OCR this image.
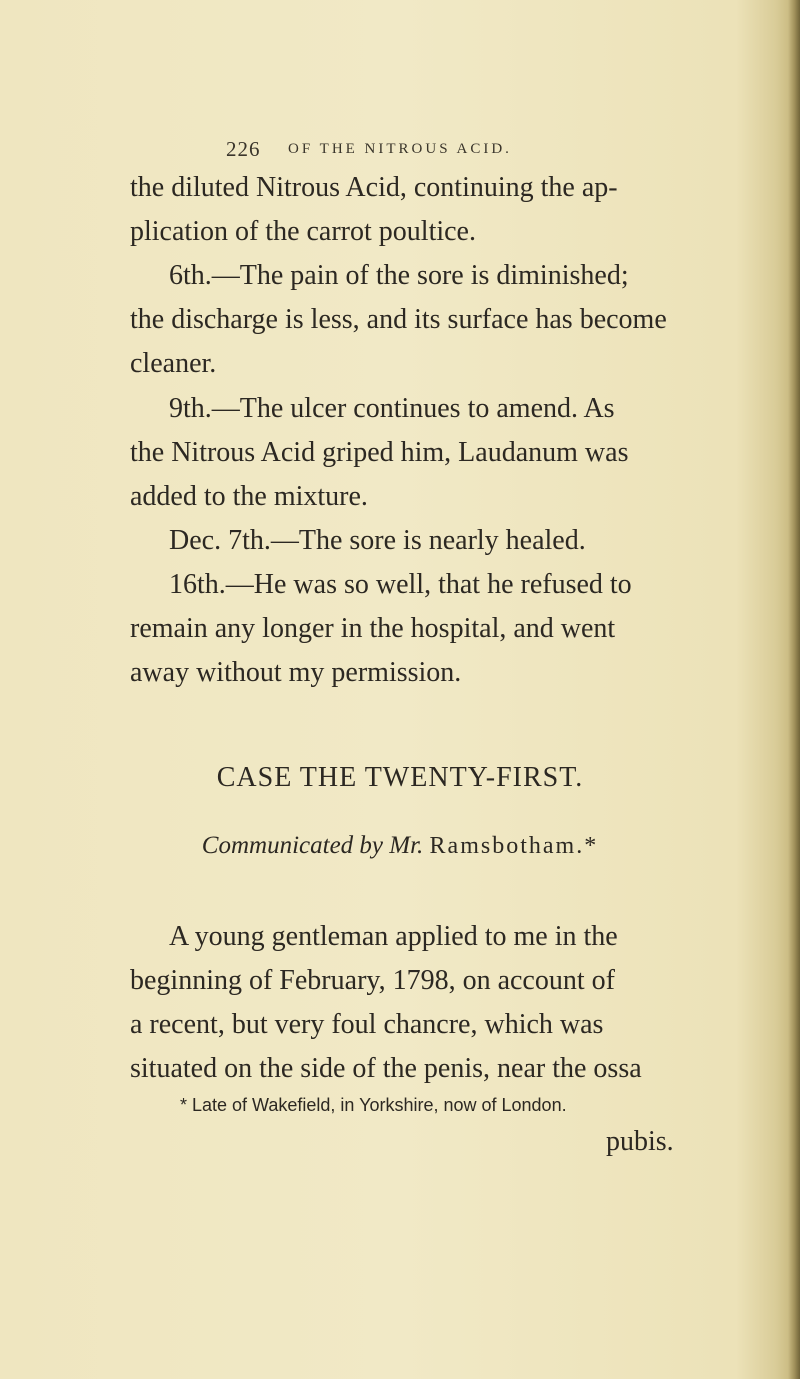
226 OF THE NITROUS ACID.
the diluted Nitrous Acid, continuing the ap-
plication of the carrot poultice.
6th.—The pain of the sore is diminished;
the discharge is less, and its surface has become
cleaner.
9th.—The ulcer continues to amend. As
the Nitrous Acid griped him, Laudanum was
added to the mixture.
Dec. 7th.—The sore is nearly healed.
16th.—He was so well, that he refused to
remain any longer in the hospital, and went
away without my permission.
CASE THE TWENTY-FIRST.
Communicated by Mr. Ramsbotham.*
A young gentleman applied to me in the
beginning of February, 1798, on account of
a recent, but very foul chancre, which was
situated on the side of the penis, near the ossa
* Late of Wakefield, in Yorkshire, now of London.
pubis.
